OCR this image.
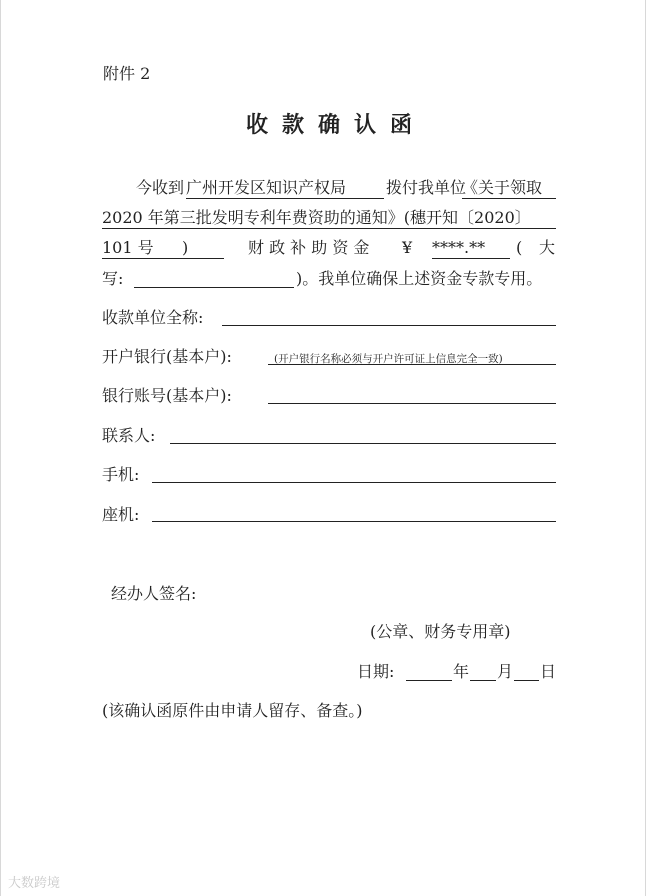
附件 2
收款确认函
今收到 广州开发区知识产权局	拨付我单位
《关于领取
2020 年第三批发明专利年费资助的通知》(穗开知〔2020〕
101 号	)	财 政 补 助 资 金 ¥ ****.**	( 大
写:	)。我单位确保上述资金专款专用。
收款单位全称:
开户银行(基本户):	(开户银行名称必须与开户许可证上信息完全一致)
银行账号(基本户):
联系人:
手机:
座机:
经办人签名:
(公章、财务专用章)
日期:	年 月 日
(该确认函原件由申请人留存、备查。)
大数跨境
